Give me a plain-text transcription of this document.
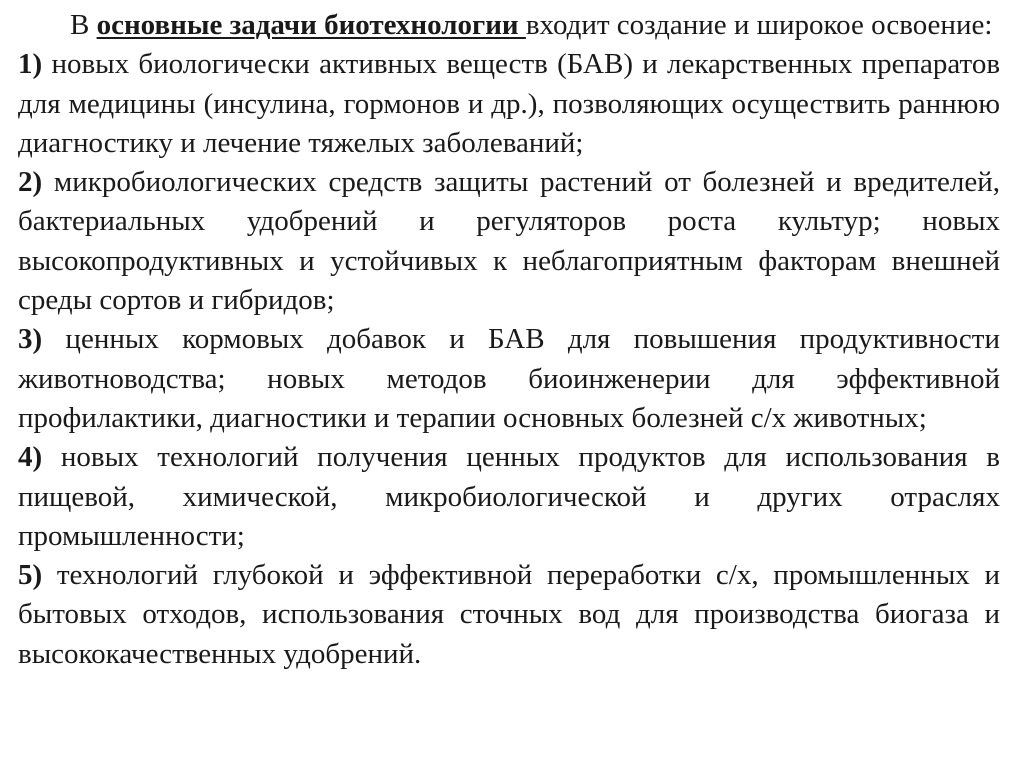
В основные задачи биотехнологии входит создание и широкое освоение:

1) новых биологически активных веществ (БАВ) и лекарственных препаратов для медицины (инсулина, гормонов и др.), позволяющих осуществить раннюю диагностику и лечение тяжелых заболеваний;

2) микробиологических средств защиты растений от болезней и вредителей, бактериальных удобрений и регуляторов роста культур; новых высокопродуктивных и устойчивых к неблагоприятным факторам внешней среды сортов и гибридов;

3) ценных кормовых добавок и БАВ для повышения продуктивности животноводства; новых методов биоинженерии для эффективной профилактики, диагностики и терапии основных болезней с/х животных;

4) новых технологий получения ценных продуктов для использования в пищевой, химической, микробиологической и других отраслях промышленности;

5) технологий глубокой и эффективной переработки с/х, промышленных и бытовых отходов, использования сточных вод для производства биогаза и высококачественных удобрений.
